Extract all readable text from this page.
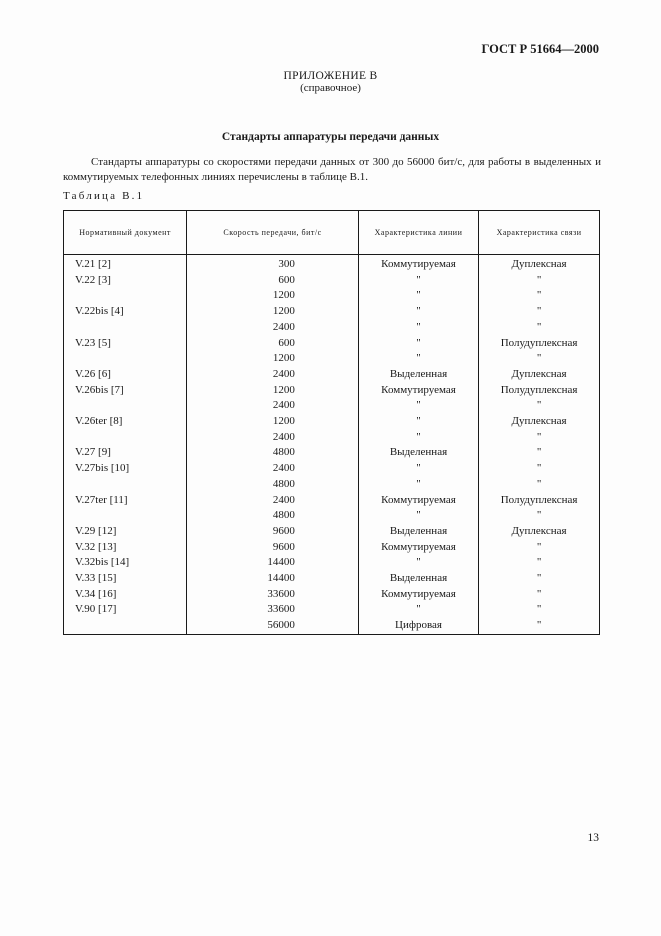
ГОСТ Р 51664—2000
ПРИЛОЖЕНИЕ В
(справочное)
Стандарты аппаратуры передачи данных
Стандарты аппаратуры со скоростями передачи данных от 300 до 56000 бит/с, для работы в выделенных и коммутируемых телефонных линиях перечислены в таблице В.1.
Таблица В.1
Нормативный документ	Скорость передачи, бит/с	Характеристика линии	Характеристика связи
V.21 [2]	300	Коммутируемая	Дуплексная
V.22 [3]	600	"	"
	1200	"	"
V.22bis [4]	1200	"	"
	2400	"	"
V.23 [5]	600	"	Полудуплексная
	1200	"	"
V.26 [6]	2400	Выделенная	Дуплексная
V.26bis [7]	1200	Коммутируемая	Полудуплексная
	2400	"	"
V.26ter [8]	1200	"	Дуплексная
	2400	"	"
V.27 [9]	4800	Выделенная	"
V.27bis [10]	2400	"	"
	4800	"	"
V.27ter [11]	2400	Коммутируемая	Полудуплексная
	4800	"	"
V.29 [12]	9600	Выделенная	Дуплексная
V.32 [13]	9600	Коммутируемая	"
V.32bis [14]	14400	"	"
V.33 [15]	14400	Выделенная	"
V.34 [16]	33600	Коммутируемая	"
V.90 [17]	33600	"	"
	56000	Цифровая	"
13
